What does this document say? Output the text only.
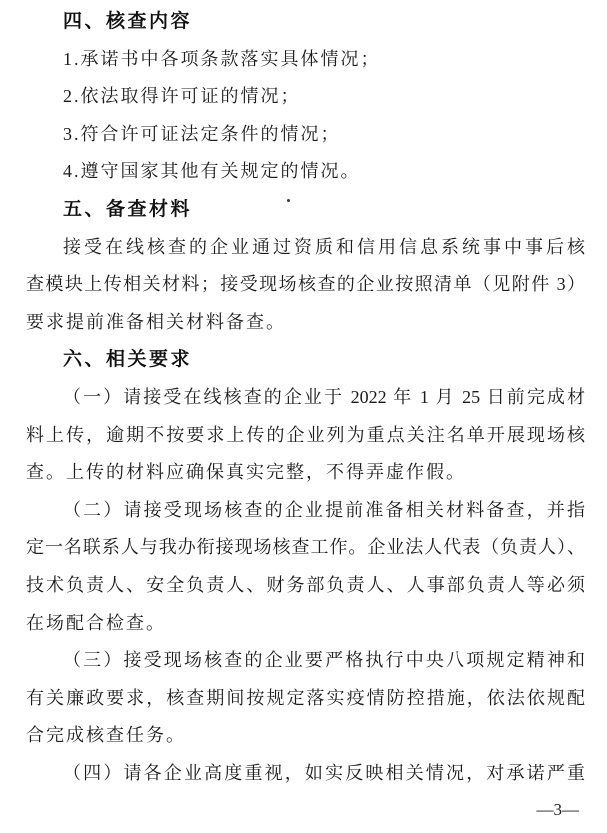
四、核查内容
1.承诺书中各项条款落实具体情况；
2.依法取得许可证的情况；
3.符合许可证法定条件的情况；
4.遵守国家其他有关规定的情况。
五、备查材料
接受在线核查的企业通过资质和信用信息系统事中事后核
查模块上传相关材料；接受现场核查的企业按照清单（见附件 3）
要求提前准备相关材料备查。
六、相关要求
（一）请接受在线核查的企业于 2022 年 1 月 25 日前完成材
料上传，逾期不按要求上传的企业列为重点关注名单开展现场核
查。上传的材料应确保真实完整，不得弄虚作假。
（二）请接受现场核查的企业提前准备相关材料备查，并指
定一名联系人与我办衔接现场核查工作。企业法人代表（负责人）、
技术负责人、安全负责人、财务部负责人、人事部负责人等必须
在场配合检查。
（三）接受现场核查的企业要严格执行中央八项规定精神和
有关廉政要求，核查期间按规定落实疫情防控措施，依法依规配
合完成核查任务。
（四）请各企业高度重视，如实反映相关情况，对承诺严重
—3—
